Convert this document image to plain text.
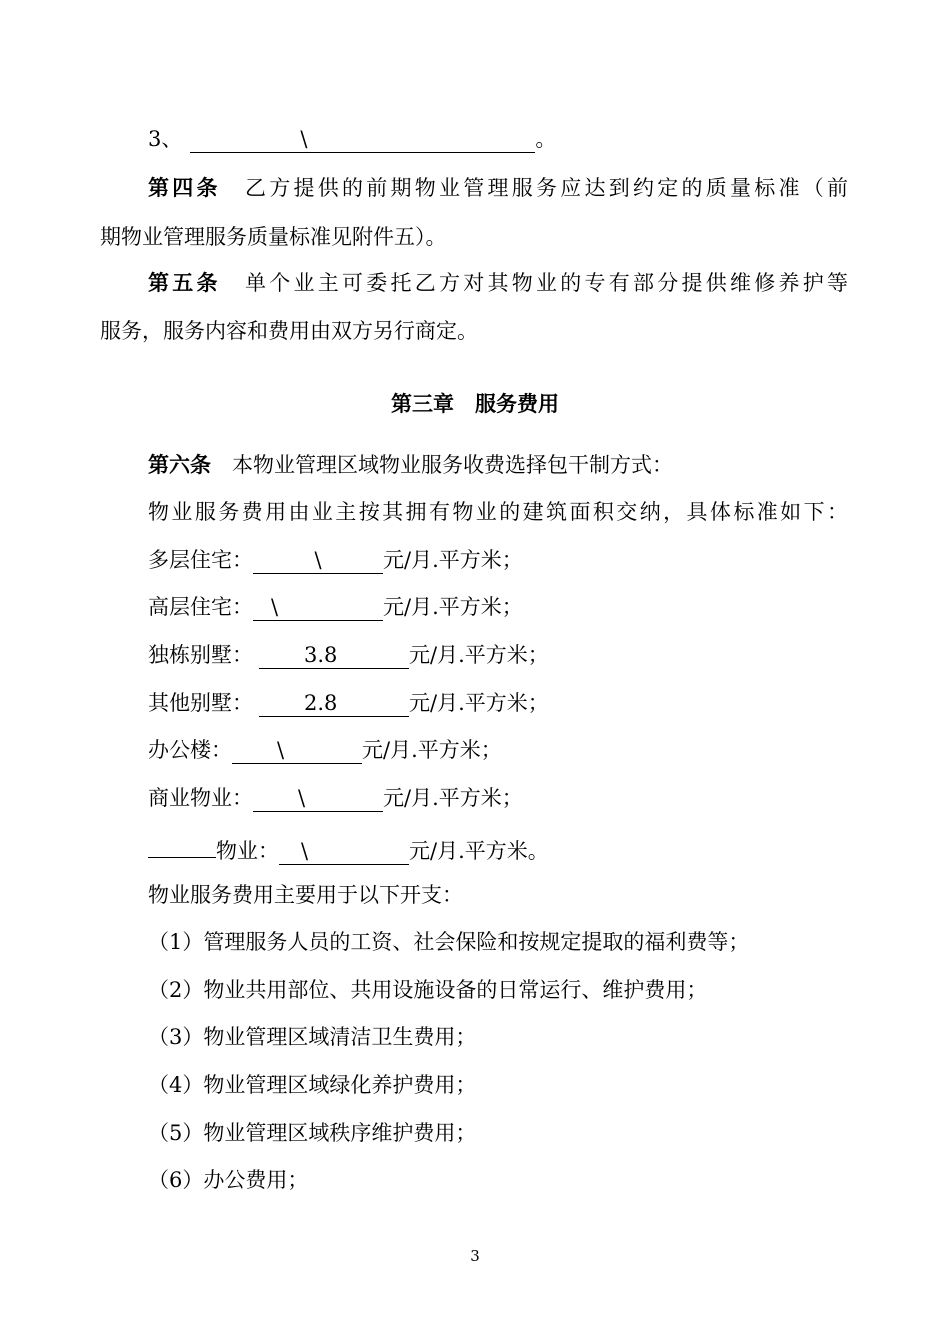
3、	\	。
第四条　 乙方提供的前期物业管理服务应达到约定的质量标准（前
期物业管理服务质量标准见附件五）。
第五条　 单个业主可委托乙方对其物业的专有部分提供维修养护等
服务，服务内容和费用由双方另行商定。
第三章　 服务费用
第六条　 本物业管理区域物业服务收费选择包干制方式：
物业服务费用由业主按其拥有物业的建筑面积交纳，具体标准如下：
多层住宅：	\	元/月.平方米；
高层住宅： \	元/月.平方米；
独栋别墅： 3.8	元/月.平方米；
其他别墅： 2.8	元/月.平方米；
办公楼： \	元/月.平方米；
商业物业： \	元/月.平方米；
物业： \	元/月.平方米。
物业服务费用主要用于以下开支：
（1）管理服务人员的工资、社会保险和按规定提取的福利费等；
（2）物业共用部位、共用设施设备的日常运行、维护费用；
（3）物业管理区域清洁卫生费用；
（4）物业管理区域绿化养护费用；
（5）物业管理区域秩序维护费用；
（6）办公费用；
3
